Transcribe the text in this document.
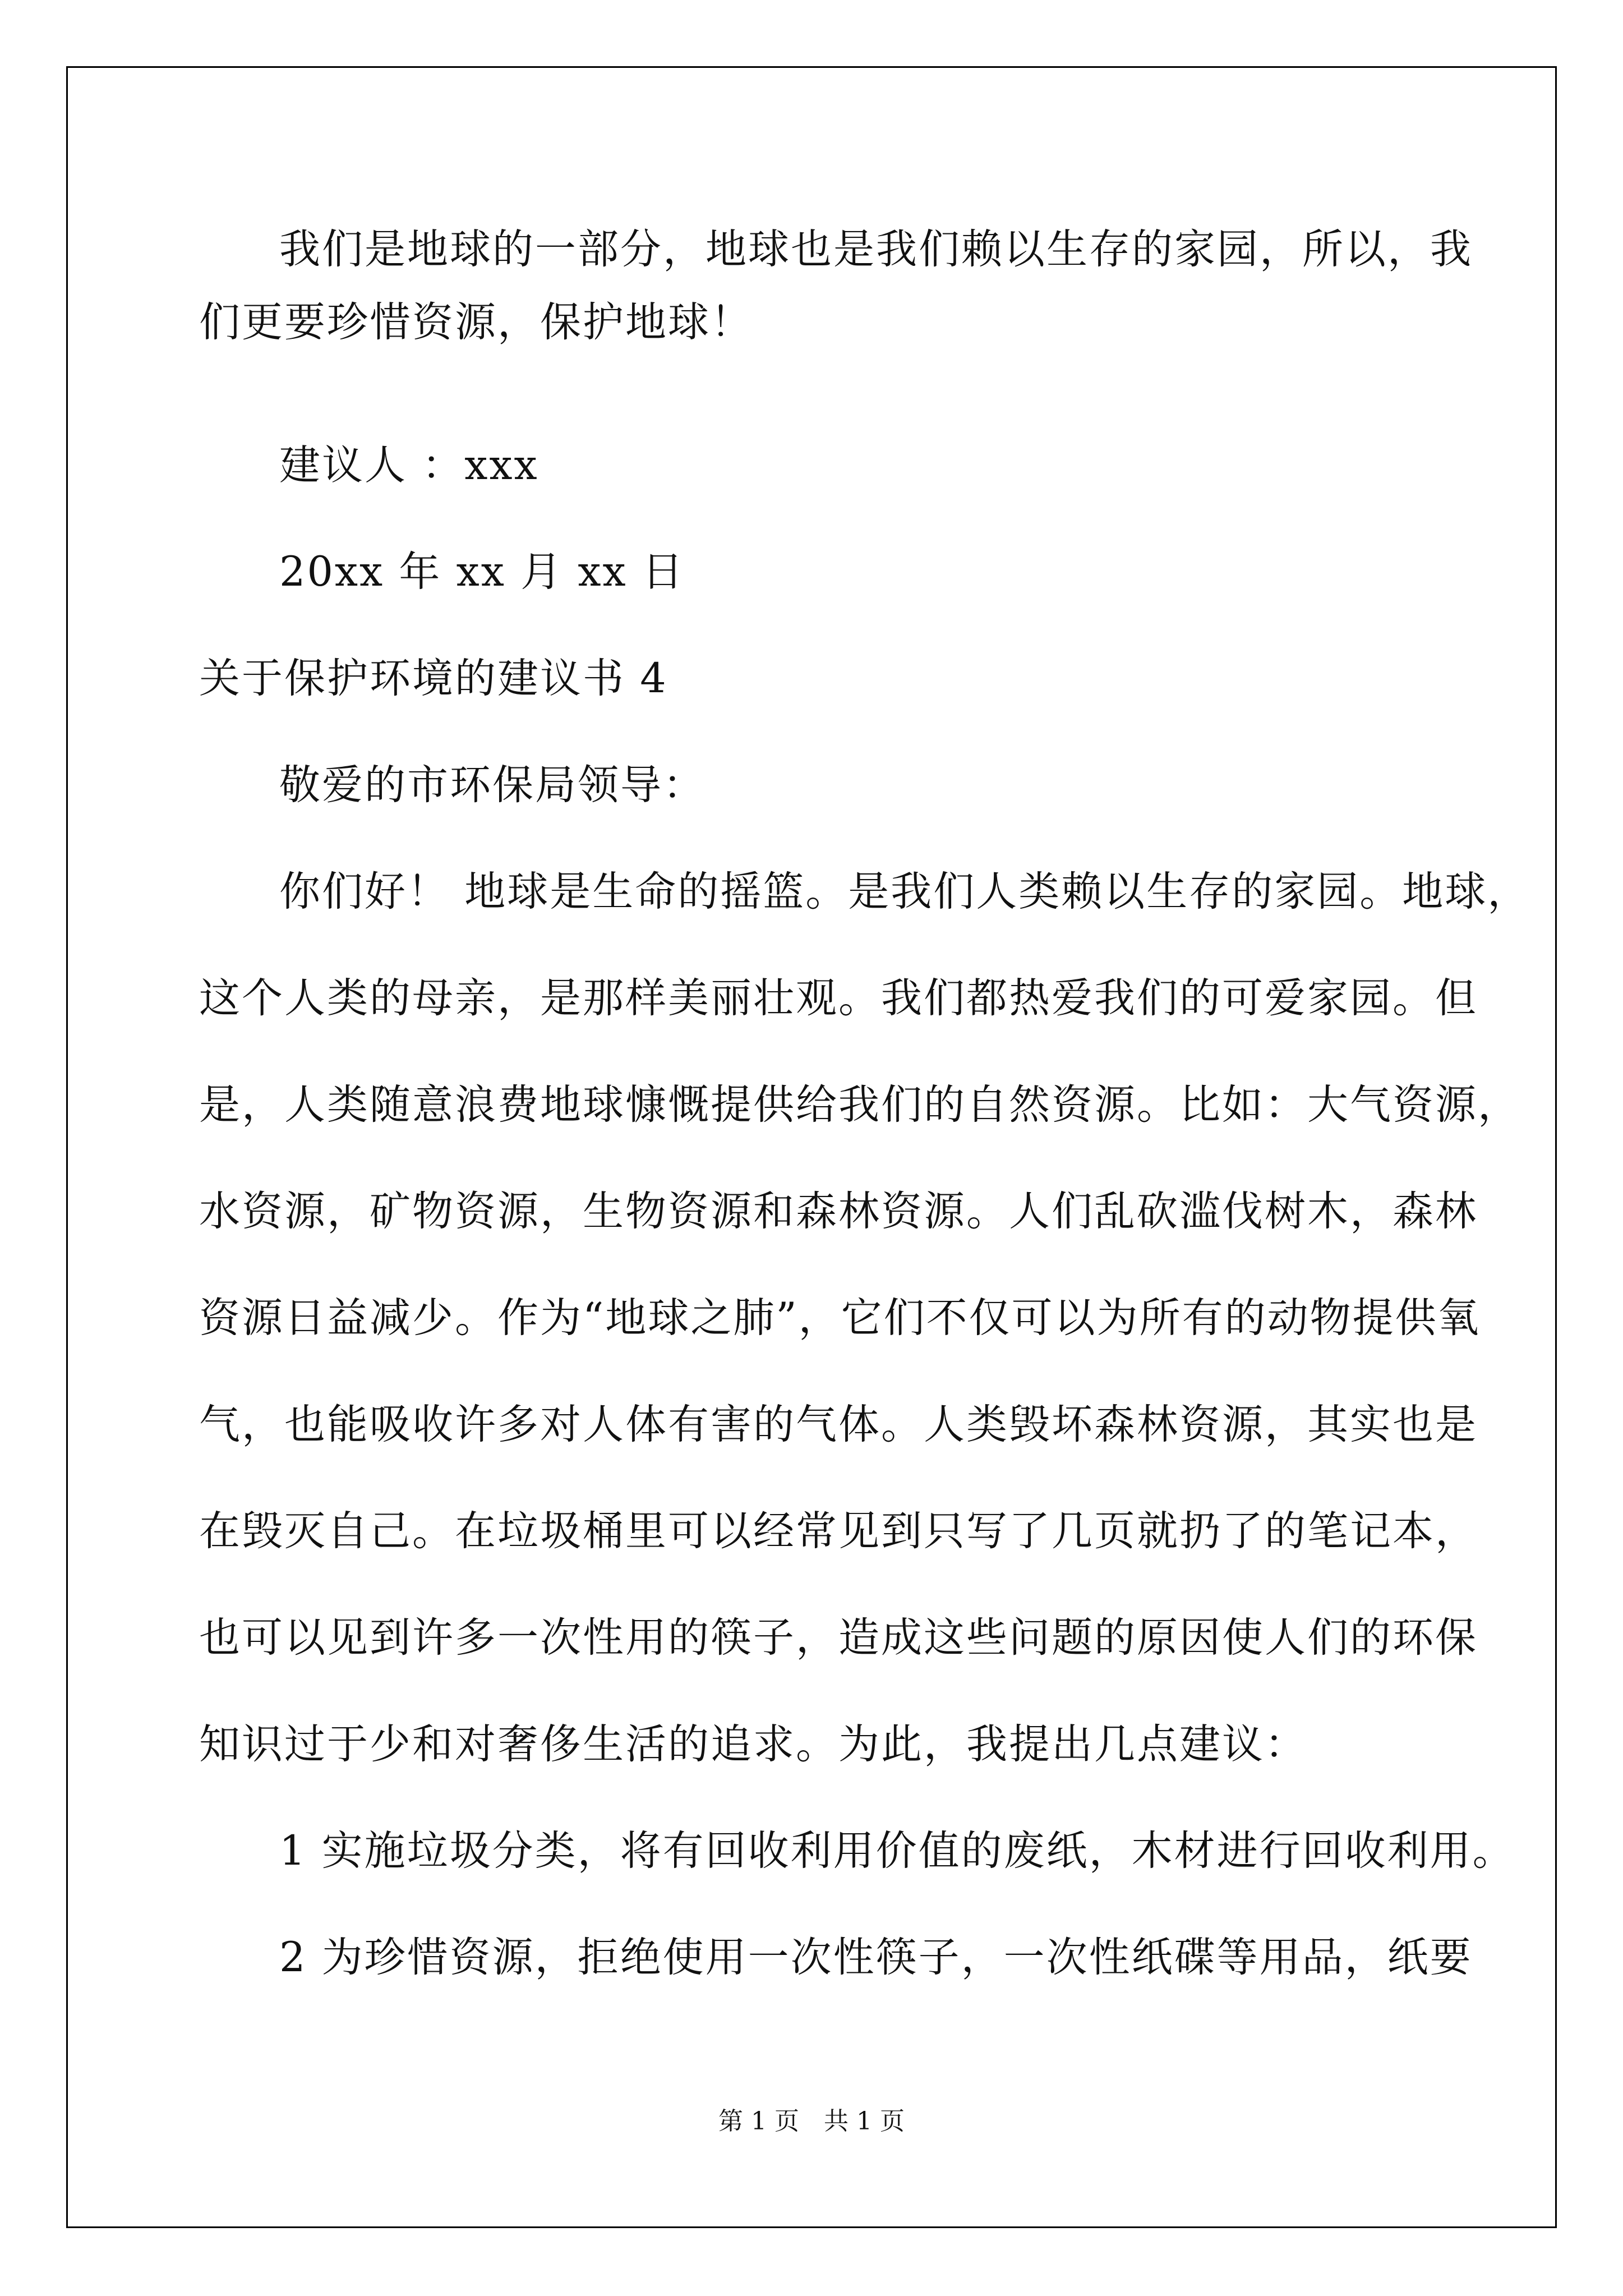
我们是地球的一部分，地球也是我们赖以生存的家园，所以，我
们更要珍惜资源，保护地球！
建议人 ：xxx
20xx 年 xx 月 xx 日
关于保护环境的建议书 4
敬爱的市环保局领导：
你们好！ 地球是生命的摇篮。是我们人类赖以生存的家园。地球，
这个人类的母亲，是那样美丽壮观。我们都热爱我们的可爱家园。但
是，人类随意浪费地球慷慨提供给我们的自然资源。比如：大气资源，
水资源，矿物资源，生物资源和森林资源。人们乱砍滥伐树木，森林
资源日益减少。作为“地球之肺”，它们不仅可以为所有的动物提供氧
气，也能吸收许多对人体有害的气体。人类毁坏森林资源，其实也是
在毁灭自己。在垃圾桶里可以经常见到只写了几页就扔了的笔记本，
也可以见到许多一次性用的筷子，造成这些问题的原因使人们的环保
知识过于少和对奢侈生活的追求。为此，我提出几点建议：
1 实施垃圾分类，将有回收利用价值的废纸，木材进行回收利用。
2 为珍惜资源，拒绝使用一次性筷子，一次性纸碟等用品，纸要
第 1 页　共 1 页
